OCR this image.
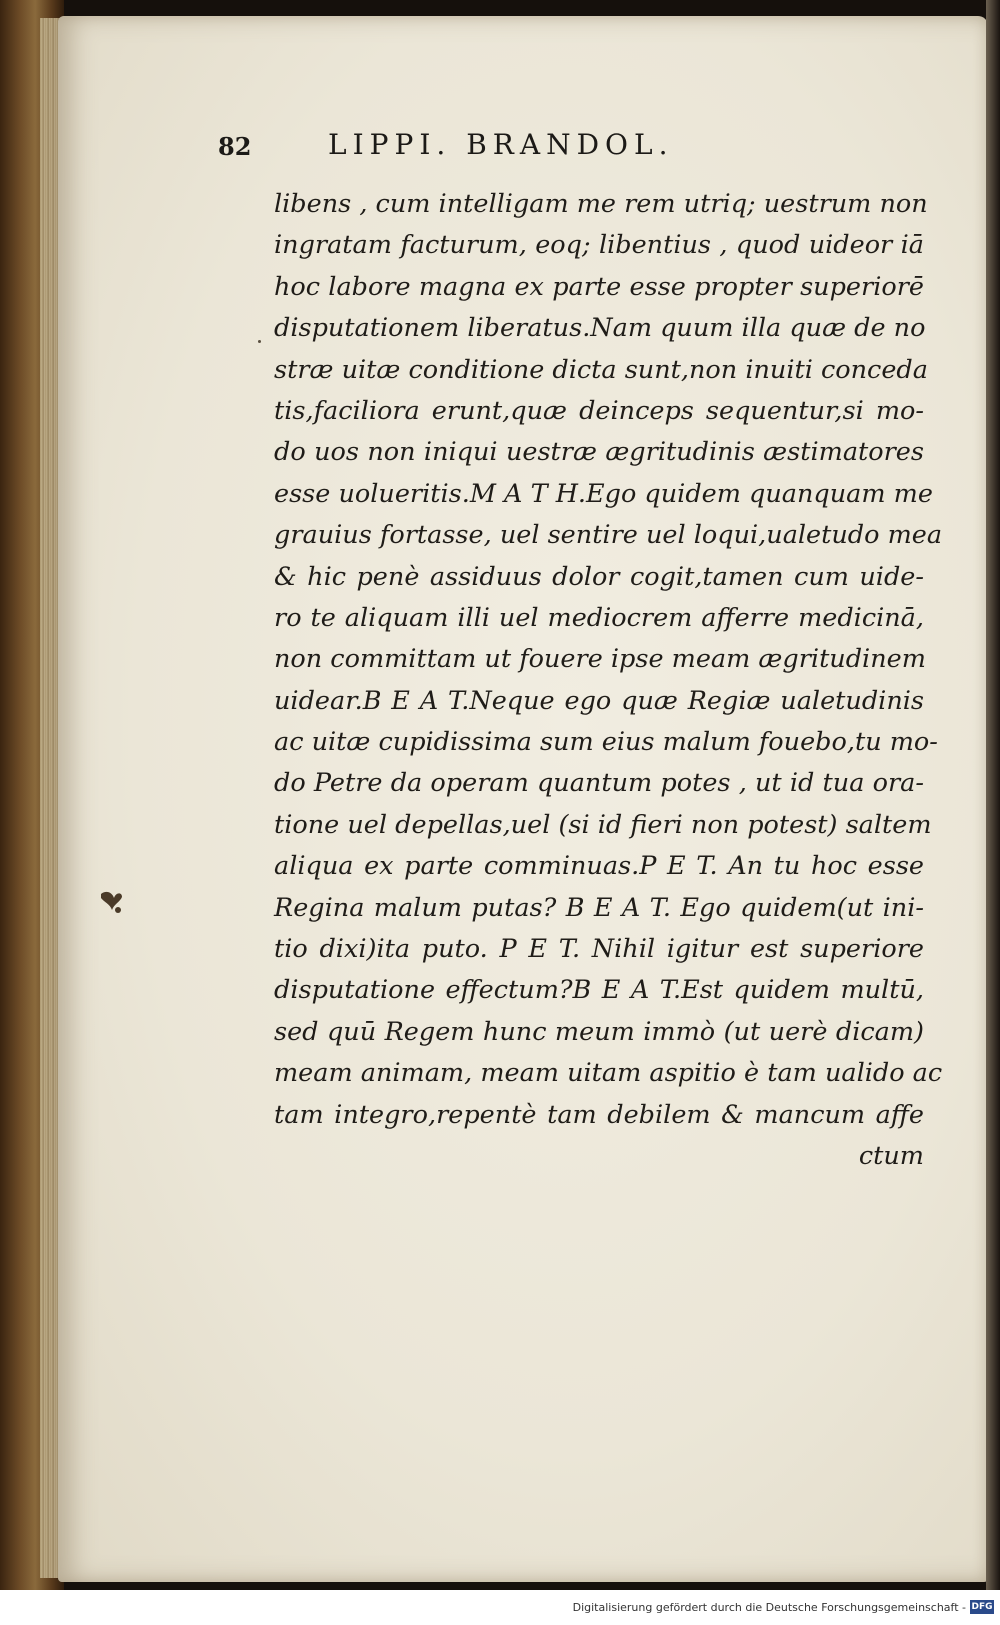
82	LIPPI. BRANDOL.
libens , cum intelligam me rem utriq; uestrum non
ingratam facturum, eoq; libentius , quod uideor iā
hoc labore magna ex parte esse propter superiorē
disputationem liberatus.Nam quum illa quæ de no
stræ uitæ conditione dicta sunt,non inuiti conceda
tis,faciliora erunt,quæ deinceps sequentur,si mo-
do uos non iniqui uestræ ægritudinis æstimatores
esse uolueritis.M A T H.Ego quidem quanquam me
grauius fortasse, uel sentire uel loqui,ualetudo mea
& hic penè assiduus dolor cogit,tamen cum uide-
ro te aliquam illi uel mediocrem afferre medicinā,
non committam ut fouere ipse meam ægritudinem
uidear.B E A T.Neque ego quæ Regiæ ualetudinis
ac uitæ cupidissima sum eius malum fouebo,tu mo-
do Petre da operam quantum potes , ut id tua ora-
tione uel depellas,uel (si id fieri non potest) saltem
aliqua ex parte comminuas.P E T. An tu hoc esse
Regina malum putas? B E A T. Ego quidem(ut ini-
tio dixi)ita puto. P E T. Nihil igitur est superiore
disputatione effectum?B E A T.Est quidem multū,
sed quū Regem hunc meum immò (ut uerè dicam)
meam animam, meam uitam aspitio è tam ualido ac
tam integro,repentè tam debilem & mancum affe
ctum
Digitalisierung gefördert durch die Deutsche Forschungsgemeinschaft - DFG
